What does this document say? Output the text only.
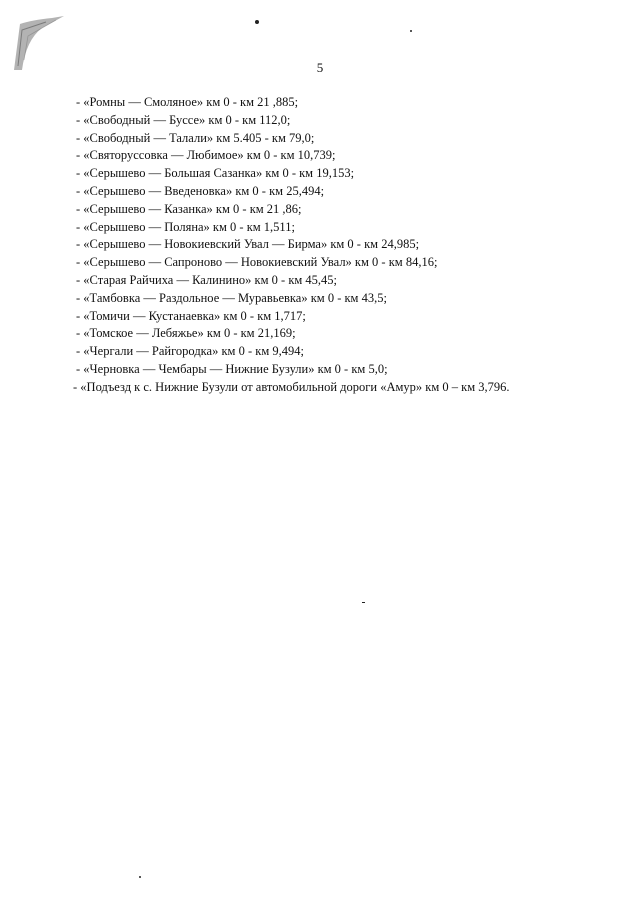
5
- «Ромны — Смоляное» км 0 - км 21 ,885;
- «Свободный — Буссе» км 0 - км 112,0;
- «Свободный — Талали» км 5.405 - км 79,0;
- «Святоруссовка — Любимое» км 0 - км 10,739;
- «Серышево — Большая Сазанка» км 0 - км 19,153;
- «Серышево — Введеновка» км 0 - км 25,494;
- «Серышево — Казанка» км 0 - км 21 ,86;
- «Серышево — Поляна» км 0 - км 1,511;
- «Серышево — Новокиевский Увал — Бирма» км 0 - км 24,985;
- «Серышево — Сапроново — Новокиевский Увал» км 0 - км 84,16;
- «Старая Райчиха — Калинино» км 0 - км 45,45;
- «Тамбовка — Раздольное — Муравьевка» км 0 - км 43,5;
- «Томичи — Кустанаевка» км 0 - км 1,717;
- «Томское — Лебяжье» км 0 - км 21,169;
- «Чергали — Райгородка» км 0 - км 9,494;
- «Черновка — Чембары — Нижние Бузули» км 0 - км 5,0;
- «Подъезд к с. Нижние Бузули от автомобильной дороги «Амур» км 0 – км 3,796.
